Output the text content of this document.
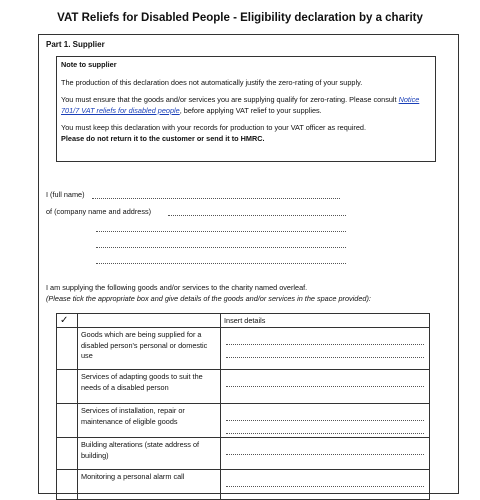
VAT Reliefs for Disabled People - Eligibility declaration by a charity
Part 1. Supplier
Note to supplier

The production of this declaration does not automatically justify the zero-rating of your supply.

You must ensure that the goods and/or services you are supplying qualify for zero-rating. Please consult Notice 701/7 VAT reliefs for disabled people, before applying VAT relief to your supplies.

You must keep this declaration with your records for production to your VAT officer as required.
Please do not return it to the customer or send it to HMRC.

I (full name)
of (company name and address)
I am supplying the following goods and/or services to the charity named overleaf.
(Please tick the appropriate box and give details of the goods and/or services in the space provided):
✓		Insert details
	Goods which are being supplied for a disabled person's personal or domestic use	

	Services of adapting goods to suit the needs of a disabled person	

	Services of installation, repair or maintenance of eligible goods	

	Building alterations (state address of building)	

	Monitoring a personal alarm call	
